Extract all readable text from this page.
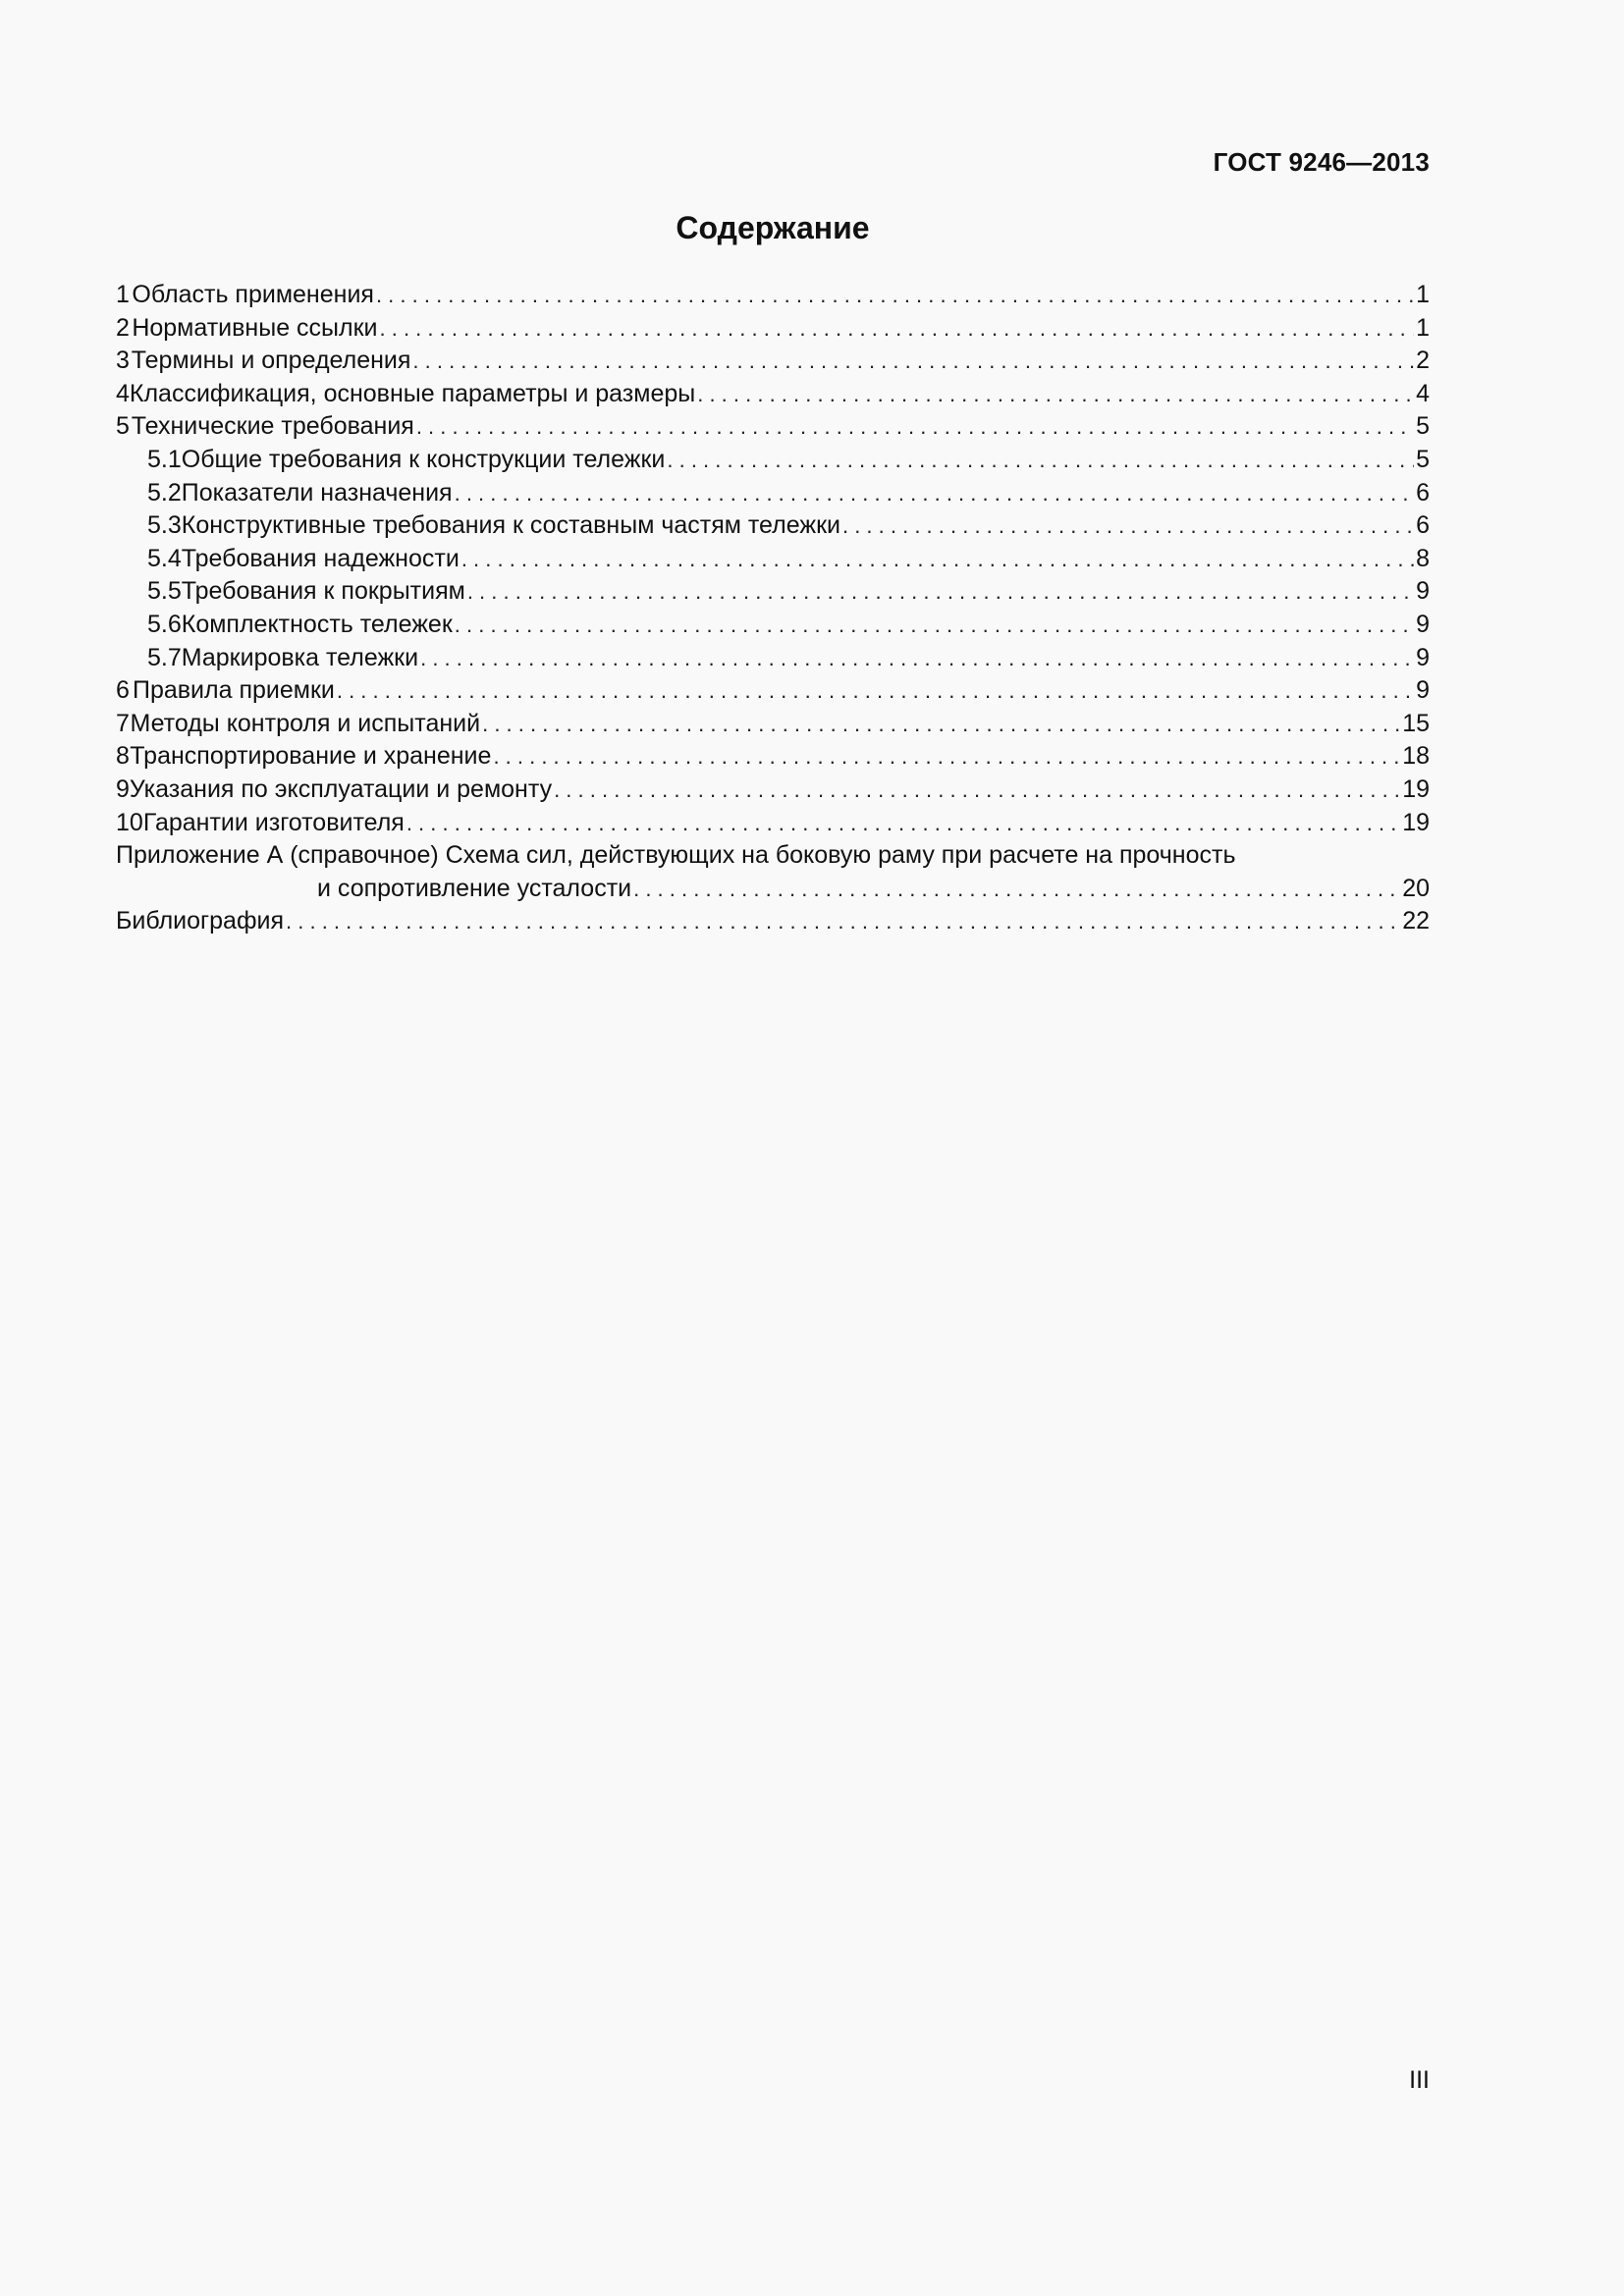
ГОСТ 9246—2013
Содержание
1 Область применения . . .	1
2 Нормативные ссылки . . .	1
3 Термины и определения . . .	2
4 Классификация, основные параметры и размеры . . .	4
5 Технические требования . . .	5
5.1 Общие требования к конструкции тележки . . .	5
5.2 Показатели назначения . . .	6
5.3 Конструктивные требования к составным частям тележки . . .	6
5.4 Требования надежности . . .	8
5.5 Требования к покрытиям . . .	9
5.6 Комплектность тележек . . .	9
5.7 Маркировка тележки . . .	9
6 Правила приемки . . .	9
7 Методы контроля и испытаний . . .	15
8 Транспортирование и хранение . . .	18
9 Указания по эксплуатации и ремонту . . .	19
10 Гарантии изготовителя . . .	19
Приложение А (справочное) Схема сил, действующих на боковую раму при расчете на прочность
и сопротивление усталости . . .	20
Библиография . . .	22
III
